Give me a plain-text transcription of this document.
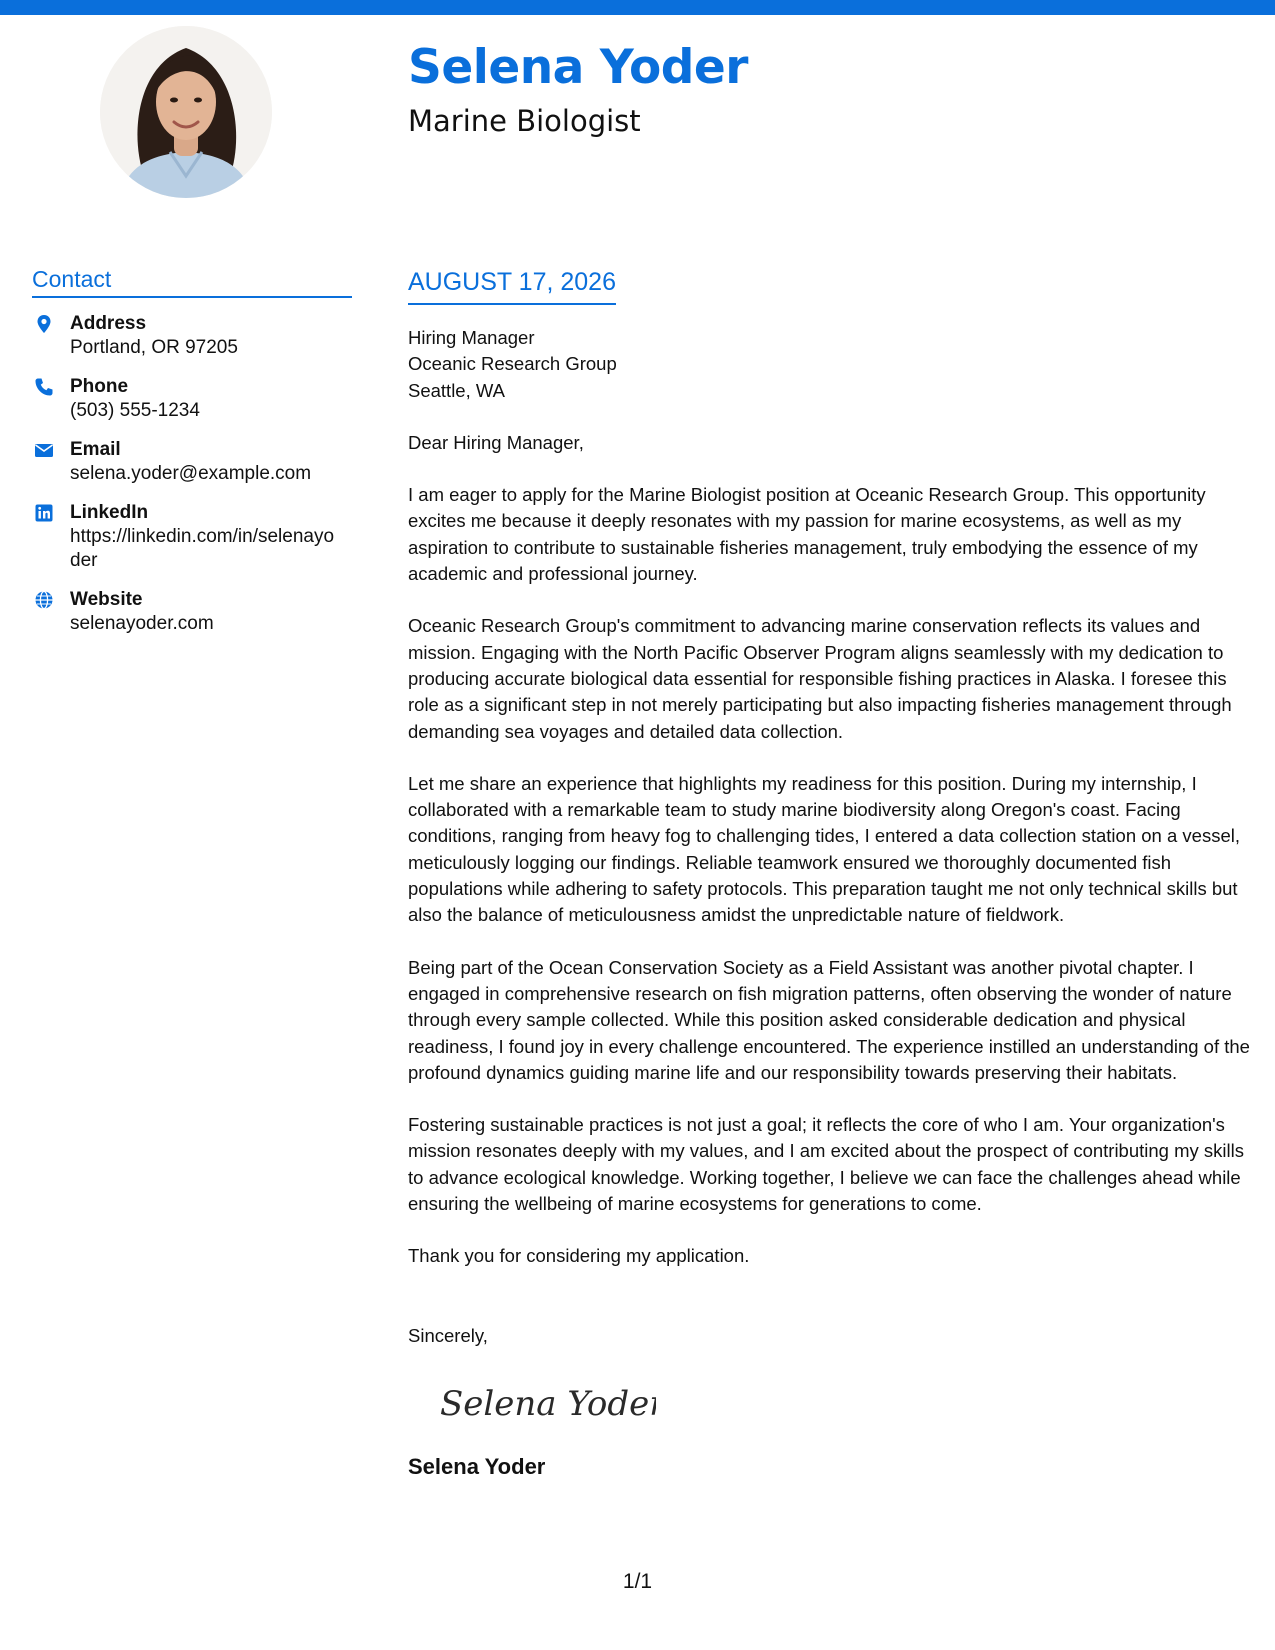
Selena Yoder
Marine Biologist
Contact
Address
Portland, OR 97205
Phone
(503) 555-1234
Email
selena.yoder@example.com
LinkedIn
https://linkedin.com/in/selenayoder
Website
selenayoder.com
AUGUST 17, 2026

Hiring Manager
Oceanic Research Group
Seattle, WA

Dear Hiring Manager,

I am eager to apply for the Marine Biologist position at Oceanic Research Group. This opportunity excites me because it deeply resonates with my passion for marine ecosystems, as well as my aspiration to contribute to sustainable fisheries management, truly embodying the essence of my academic and professional journey.

Oceanic Research Group's commitment to advancing marine conservation reflects its values and mission. Engaging with the North Pacific Observer Program aligns seamlessly with my dedication to producing accurate biological data essential for responsible fishing practices in Alaska. I foresee this role as a significant step in not merely participating but also impacting fisheries management through demanding sea voyages and detailed data collection.

Let me share an experience that highlights my readiness for this position. During my internship, I collaborated with a remarkable team to study marine biodiversity along Oregon's coast. Facing conditions, ranging from heavy fog to challenging tides, I entered a data collection station on a vessel, meticulously logging our findings. Reliable teamwork ensured we thoroughly documented fish populations while adhering to safety protocols. This preparation taught me not only technical skills but also the balance of meticulousness amidst the unpredictable nature of fieldwork.

Being part of the Ocean Conservation Society as a Field Assistant was another pivotal chapter. I engaged in comprehensive research on fish migration patterns, often observing the wonder of nature through every sample collected. While this position asked considerable dedication and physical readiness, I found joy in every challenge encountered. The experience instilled an understanding of the profound dynamics guiding marine life and our responsibility towards preserving their habitats.

Fostering sustainable practices is not just a goal; it reflects the core of who I am. Your organization's mission resonates deeply with my values, and I am excited about the prospect of contributing my skills to advance ecological knowledge. Working together, I believe we can face the challenges ahead while ensuring the wellbeing of marine ecosystems for generations to come.

Thank you for considering my application.

Sincerely,

Selena Yoder
Selena Yoder
1/1
